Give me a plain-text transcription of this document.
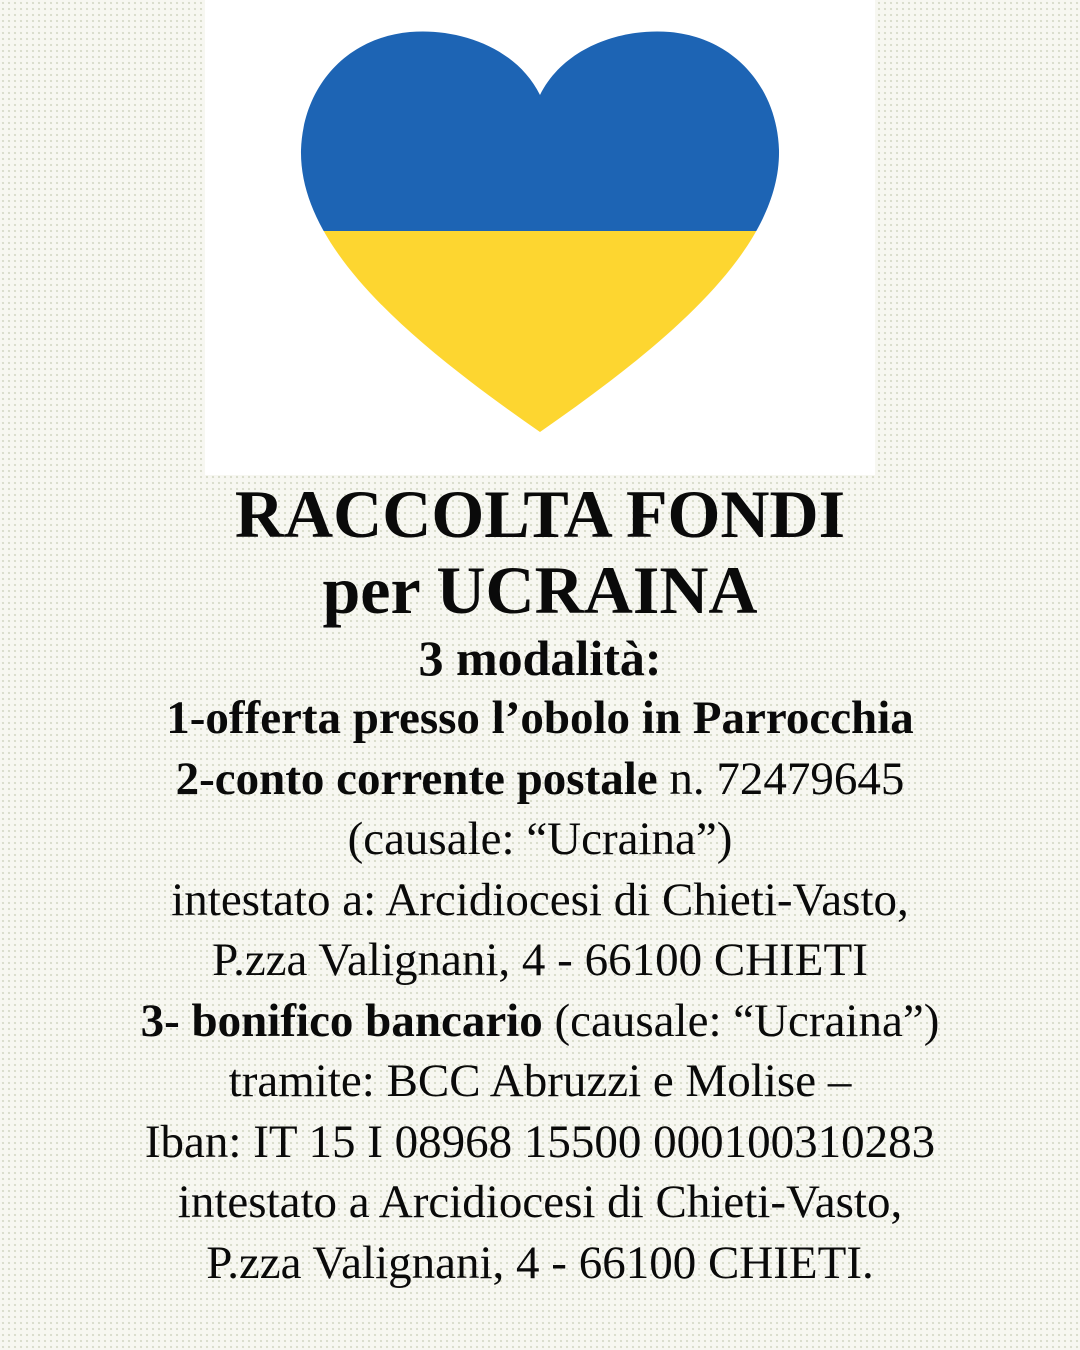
RACCOLTA FONDI

per UCRAINA

3 modalità:

1-offerta presso l’obolo in Parrocchia

2-conto corrente postale n. 72479645

(causale: “Ucraina”)

intestato a: Arcidiocesi di Chieti-Vasto,

P.zza Valignani, 4 - 66100 CHIETI

3- bonifico bancario (causale: “Ucraina”)

tramite: BCC Abruzzi e Molise –

Iban: IT 15 I 08968 15500 000100310283

intestato a Arcidiocesi di Chieti-Vasto,

P.zza Valignani, 4 - 66100 CHIETI.
